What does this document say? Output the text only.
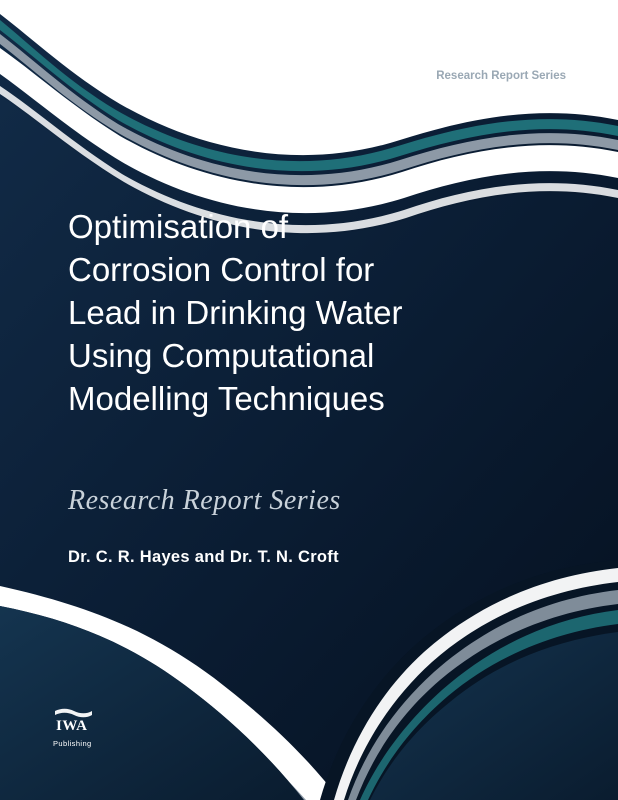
Metals and Related Substances in Drinking Water
Research Report Series
Optimisation of
Corrosion Control for
Lead in Drinking Water
Using Computational
Modelling Techniques
Research Report Series
Dr. C. R. Hayes and Dr. T. N. Croft
IWA
Publishing
